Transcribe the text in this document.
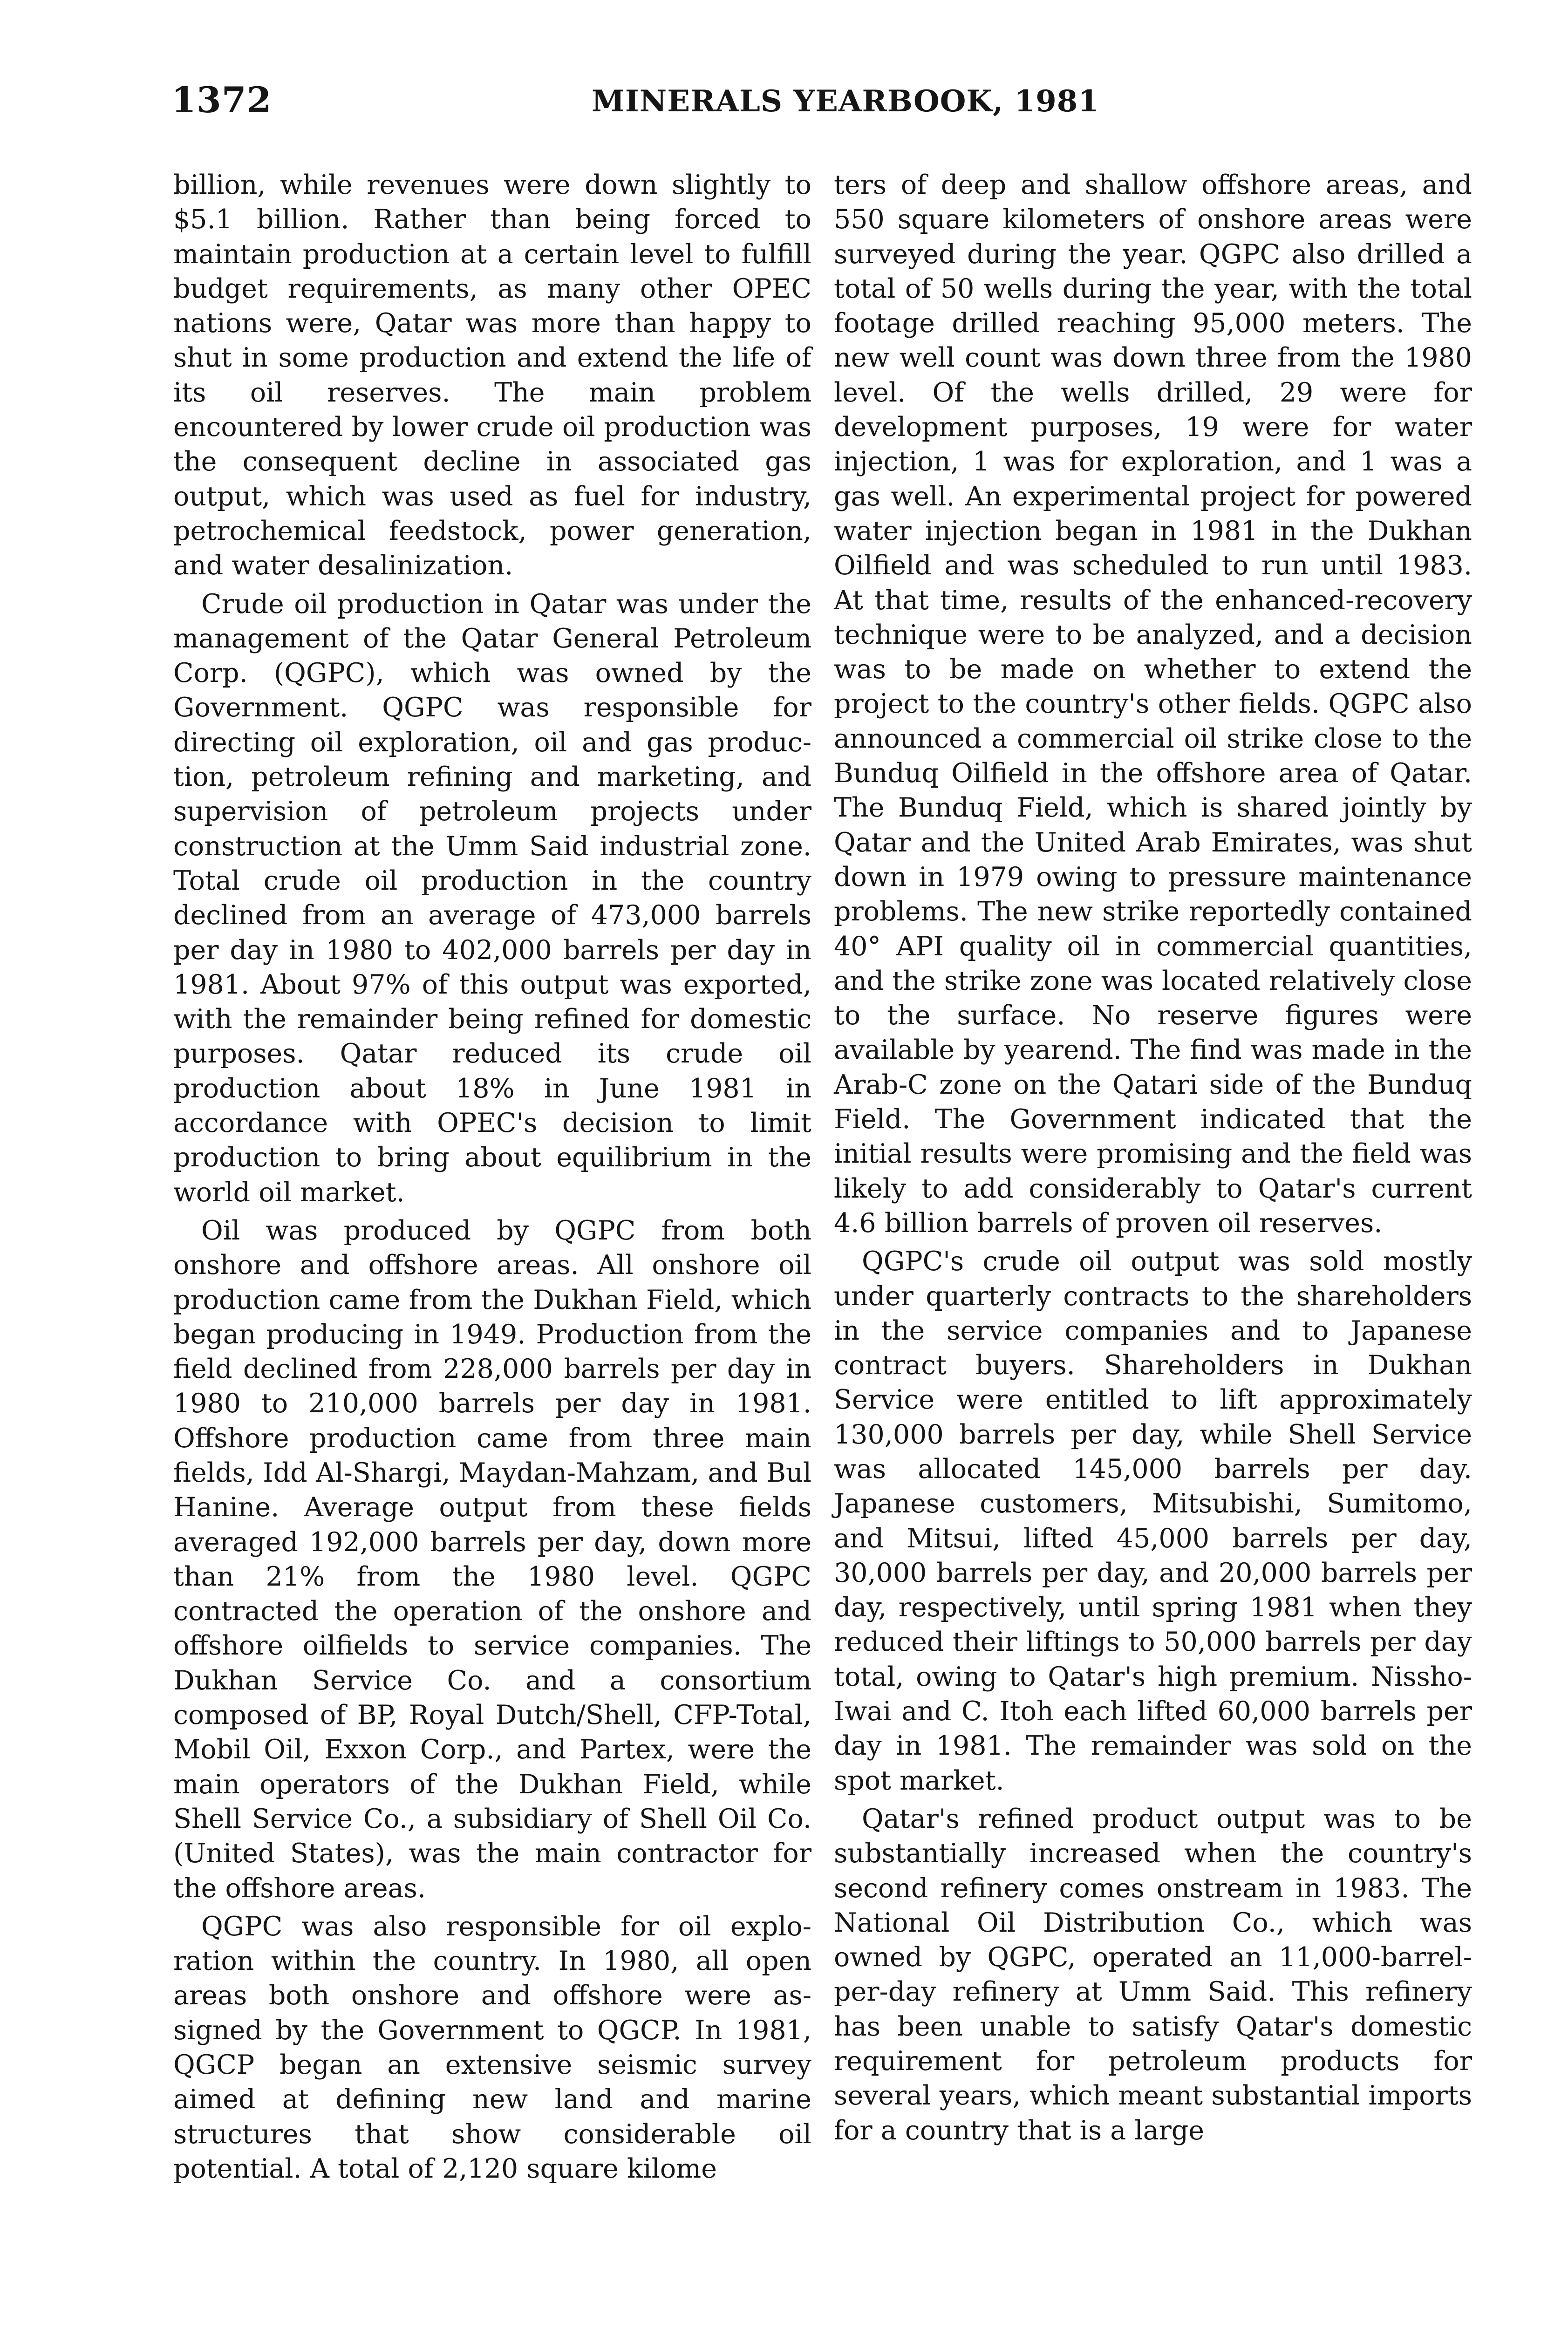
1372	MINERALS YEARBOOK, 1981

billion, while revenues were down slightly to $5.1 billion. Rather than being forced to maintain production at a certain level to fulfill budget requirements, as many other OPEC nations were, Qatar was more than happy to shut in some production and extend the life of its oil reserves. The main problem encountered by lower crude oil production was the consequent decline in associated gas output, which was used as fuel for industry, petrochemical feedstock, power generation, and water desalinization.

Crude oil production in Qatar was under the management of the Qatar General Petroleum Corp. (QGPC), which was owned by the Government. QGPC was responsible for directing oil exploration, oil and gas production, petroleum refining and marketing, and supervision of petroleum projects under construction at the Umm Said industrial zone. Total crude oil production in the country declined from an average of 473,000 barrels per day in 1980 to 402,000 barrels per day in 1981. About 97% of this output was exported, with the remainder being refined for domestic purposes. Qatar reduced its crude oil production about 18% in June 1981 in accordance with OPEC's decision to limit production to bring about equilibrium in the world oil market.

Oil was produced by QGPC from both onshore and offshore areas. All onshore oil production came from the Dukhan Field, which began producing in 1949. Production from the field declined from 228,000 barrels per day in 1980 to 210,000 barrels per day in 1981. Offshore production came from three main fields, Idd Al-Shargi, Maydan-Mahzam, and Bul Hanine. Average output from these fields averaged 192,000 barrels per day, down more than 21% from the 1980 level. QGPC contracted the operation of the onshore and offshore oilfields to service companies. The Dukhan Service Co. and a consortium composed of BP, Royal Dutch/Shell, CFP-Total, Mobil Oil, Exxon Corp., and Partex, were the main operators of the Dukhan Field, while Shell Service Co., a subsidiary of Shell Oil Co. (United States), was the main contractor for the offshore areas.

QGPC was also responsible for oil exploration within the country. In 1980, all open areas both onshore and offshore were assigned by the Government to QGCP. In 1981, QGCP began an extensive seismic survey aimed at defining new land and marine structures that show considerable oil potential. A total of 2,120 square kilome

ters of deep and shallow offshore areas, and 550 square kilometers of onshore areas were surveyed during the year. QGPC also drilled a total of 50 wells during the year, with the total footage drilled reaching 95,000 meters. The new well count was down three from the 1980 level. Of the wells drilled, 29 were for development purposes, 19 were for water injection, 1 was for exploration, and 1 was a gas well. An experimental project for powered water injection began in 1981 in the Dukhan Oilfield and was scheduled to run until 1983. At that time, results of the enhanced-recovery technique were to be analyzed, and a decision was to be made on whether to extend the project to the country's other fields. QGPC also announced a commercial oil strike close to the Bunduq Oilfield in the offshore area of Qatar. The Bunduq Field, which is shared jointly by Qatar and the United Arab Emirates, was shut down in 1979 owing to pressure maintenance problems. The new strike reportedly contained 40° API quality oil in commercial quantities, and the strike zone was located relatively close to the surface. No reserve figures were available by yearend. The find was made in the Arab-C zone on the Qatari side of the Bunduq Field. The Government indicated that the initial results were promising and the field was likely to add considerably to Qatar's current 4.6 billion barrels of proven oil reserves.

QGPC's crude oil output was sold mostly under quarterly contracts to the shareholders in the service companies and to Japanese contract buyers. Shareholders in Dukhan Service were entitled to lift approximately 130,000 barrels per day, while Shell Service was allocated 145,000 barrels per day. Japanese customers, Mitsubishi, Sumitomo, and Mitsui, lifted 45,000 barrels per day, 30,000 barrels per day, and 20,000 barrels per day, respectively, until spring 1981 when they reduced their liftings to 50,000 barrels per day total, owing to Qatar's high premium. Nissho-Iwai and C. Itoh each lifted 60,000 barrels per day in 1981. The remainder was sold on the spot market.

Qatar's refined product output was to be substantially increased when the country's second refinery comes onstream in 1983. The National Oil Distribution Co., which was owned by QGPC, operated an 11,000-barrel-per-day refinery at Umm Said. This refinery has been unable to satisfy Qatar's domestic requirement for petroleum products for several years, which meant substantial imports for a country that is a large
